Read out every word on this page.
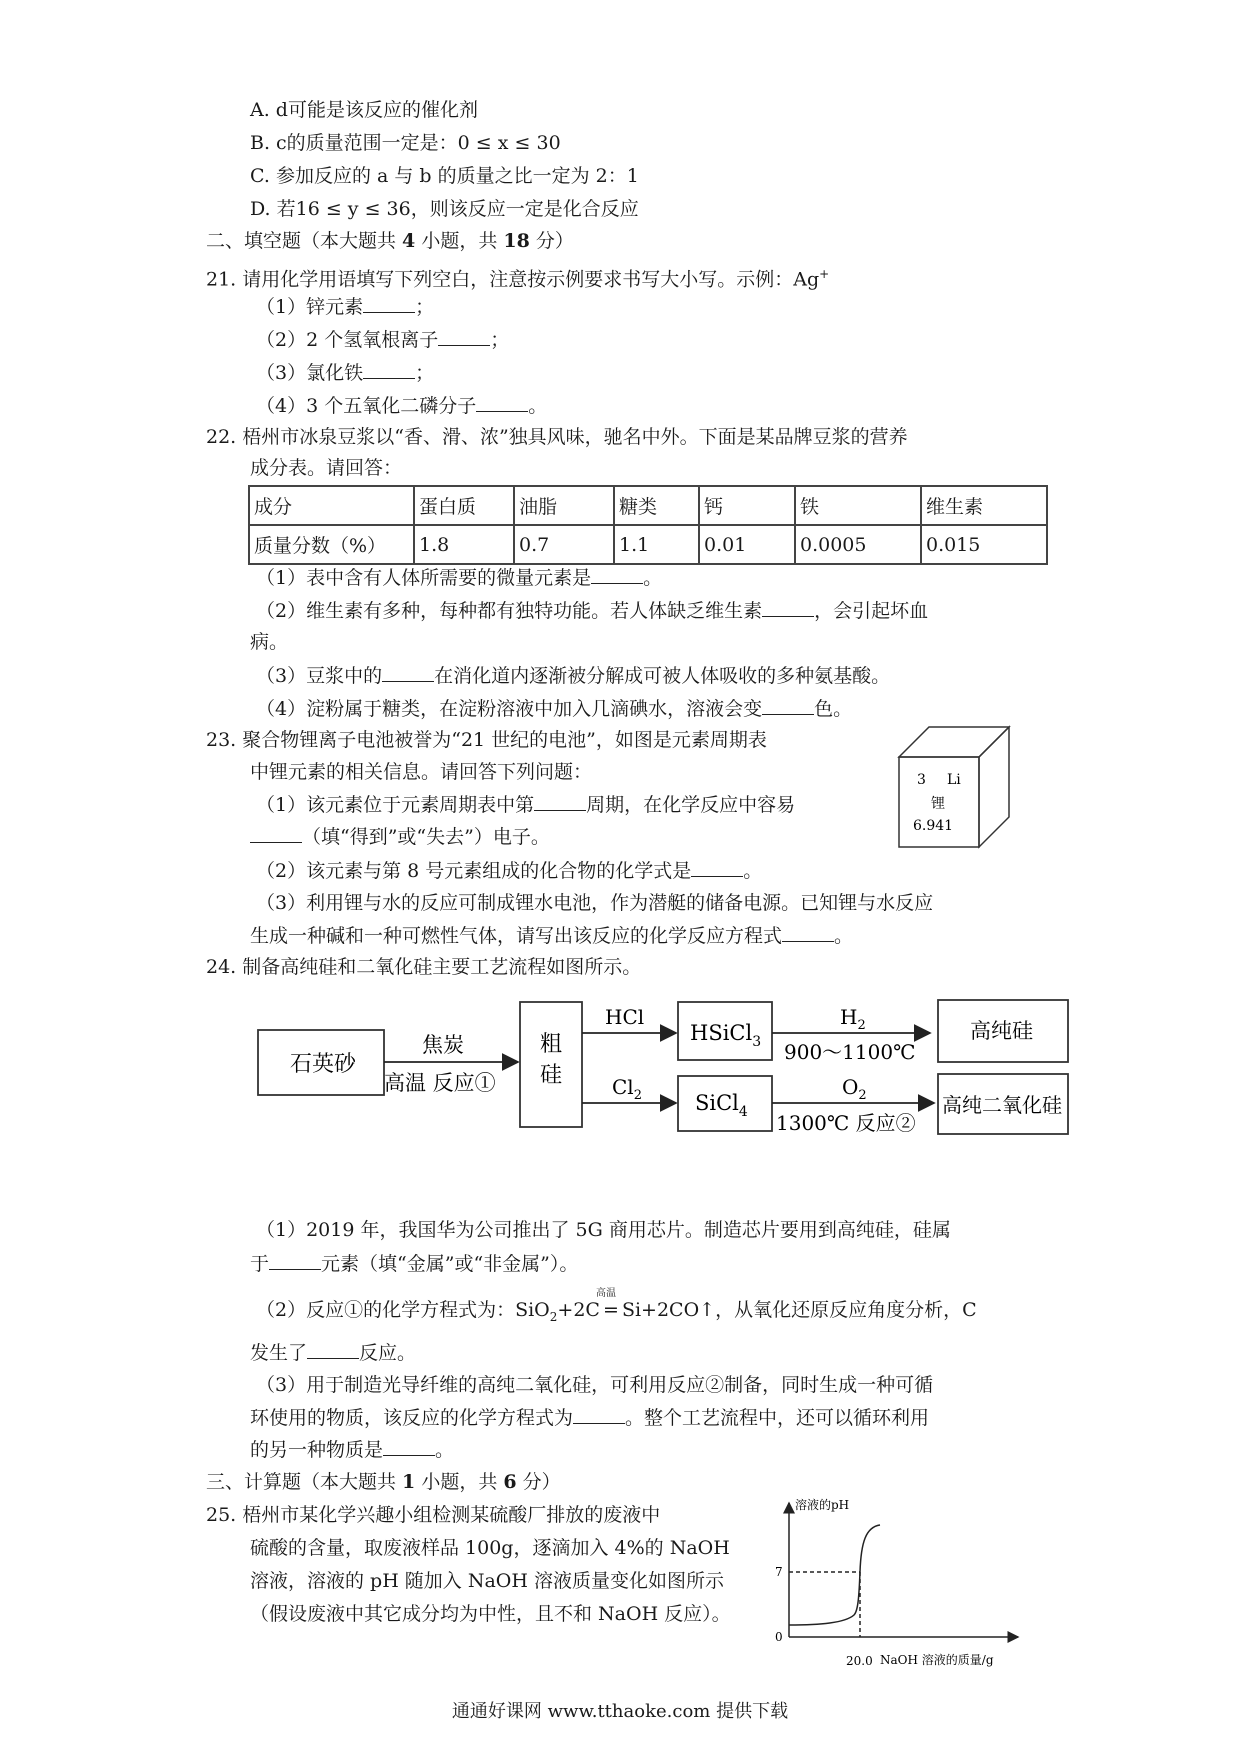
A. d可能是该反应的催化剂
B. c的质量范围一定是：0 ≤ x ≤ 30
C. 参加反应的 a 与 b 的质量之比一定为 2：1
D. 若16 ≤ y ≤ 36，则该反应一定是化合反应
二、填空题（本大题共 4 小题，共 18 分）
21. 请用化学用语填写下列空白，注意按示例要求书写大小写。示例：Ag+
（1）锌元素	；
（2）2 个氢氧根离子	；
（3）氯化铁	；
（4）3 个五氧化二磷分子	。
22. 梧州市冰泉豆浆以“香、滑、浓”独具风味，驰名中外。下面是某品牌豆浆的营养
成分表。请回答：
成分	蛋白质	油脂	糖类	钙	铁	维生素
质量分数（%）	1.8	0.7	1.1	0.01	0.0005	0.015
（1）表中含有人体所需要的微量元素是	。
（2）维生素有多种，每种都有独特功能。若人体缺乏维生素	，会引起坏血
病。
（3）豆浆中的	在消化道内逐渐被分解成可被人体吸收的多种氨基酸。
（4）淀粉属于糖类，在淀粉溶液中加入几滴碘水，溶液会变	色。
23. 聚合物锂离子电池被誉为“21 世纪的电池”，如图是元素周期表
中锂元素的相关信息。请回答下列问题：
（1）该元素位于元素周期表中第	周期，在化学反应中容易
（填“得到”或“失去”）电子。
（2）该元素与第 8 号元素组成的化合物的化学式是	。
（3）利用锂与水的反应可制成锂水电池，作为潜艇的储备电源。已知锂与水反应
生成一种碱和一种可燃性气体，请写出该反应的化学反应方程式	。
3 Li
锂
6.941
24. 制备高纯硅和二氧化硅主要工艺流程如图所示。
石英砂
焦炭
高温 反应①
粗
硅
HCl
HSiCl$_3$
$H_2$
900～1100℃
高纯硅
$Cl_2$	SiCl$_4$
$O_2$
1300℃ 反应②
高纯二氧化硅
（1）2019 年，我国华为公司推出了 5G 商用芯片。制造芯片要用到高纯硅，硅属
于	元素（填“金属”或“非金属”）。
（2）反应①的化学方程式为：SiO$_2$+2C
高温
= Si+2CO↑，从氧化还原反应角度分析，C
发生了	反应。
（3）用于制造光导纤维的高纯二氧化硅，可利用反应②制备，同时生成一种可循
环使用的物质，该反应的化学方程式为	。整个工艺流程中，还可以循环利用
的另一种物质是	。
三、计算题（本大题共 1 小题，共 6 分）
25. 梧州市某化学兴趣小组检测某硫酸厂排放的废液中
硫酸的含量，取废液样品 100g，逐滴加入 4%的 NaOH
溶液，溶液的 pH 随加入 NaOH 溶液质量变化如图所示
（假设废液中其它成分均为中性，且不和 NaOH 反应）。
溶液的pH
NaOH 溶液的质量/g
0
7
20.0
通通好课网 www.tthaoke.com 提供下载
